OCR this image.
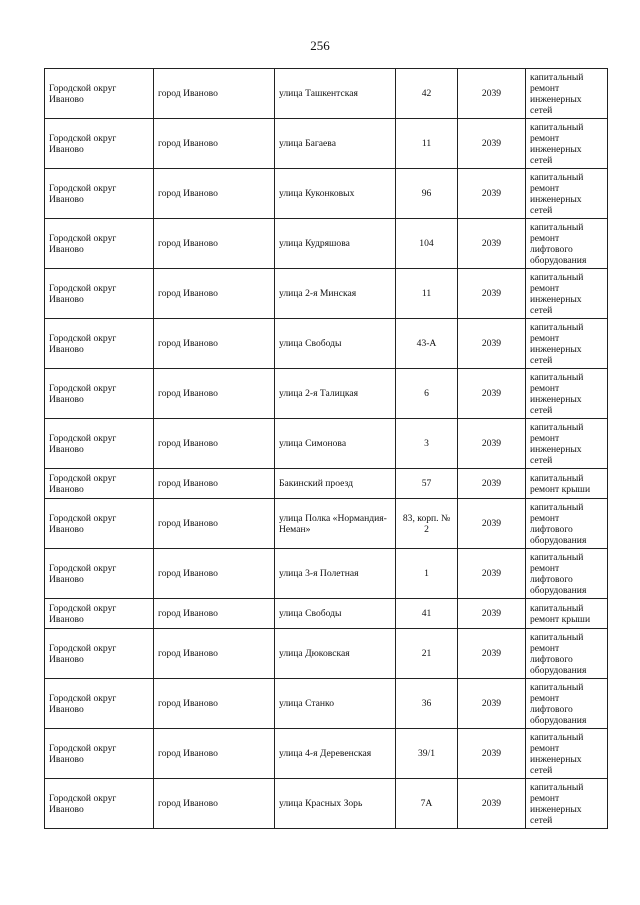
256
Городской округ Иваново	город Иваново	улица Ташкентская	42	2039	капитальный ремонт инженерных сетей
Городской округ Иваново	город Иваново	улица Багаева	11	2039	капитальный ремонт инженерных сетей
Городской округ Иваново	город Иваново	улица Куконковых	96	2039	капитальный ремонт инженерных сетей
Городской округ Иваново	город Иваново	улица Кудряшова	104	2039	капитальный ремонт лифтового оборудования
Городской округ Иваново	город Иваново	улица 2-я Минская	11	2039	капитальный ремонт инженерных сетей
Городской округ Иваново	город Иваново	улица Свободы	43-А	2039	капитальный ремонт инженерных сетей
Городской округ Иваново	город Иваново	улица 2-я Талицкая	6	2039	капитальный ремонт инженерных сетей
Городской округ Иваново	город Иваново	улица Симонова	3	2039	капитальный ремонт инженерных сетей
Городской округ Иваново	город Иваново	Бакинский проезд	57	2039	капитальный ремонт крыши
Городской округ Иваново	город Иваново	улица Полка «Нормандия-Неман»	83, корп. № 2	2039	капитальный ремонт лифтового оборудования
Городской округ Иваново	город Иваново	улица 3-я Полетная	1	2039	капитальный ремонт лифтового оборудования
Городской округ Иваново	город Иваново	улица Свободы	41	2039	капитальный ремонт крыши
Городской округ Иваново	город Иваново	улица Дюковская	21	2039	капитальный ремонт лифтового оборудования
Городской округ Иваново	город Иваново	улица Станко	36	2039	капитальный ремонт лифтового оборудования
Городской округ Иваново	город Иваново	улица 4-я Деревенская	39/1	2039	капитальный ремонт инженерных сетей
Городской округ Иваново	город Иваново	улица Красных Зорь	7А	2039	капитальный ремонт инженерных сетей
